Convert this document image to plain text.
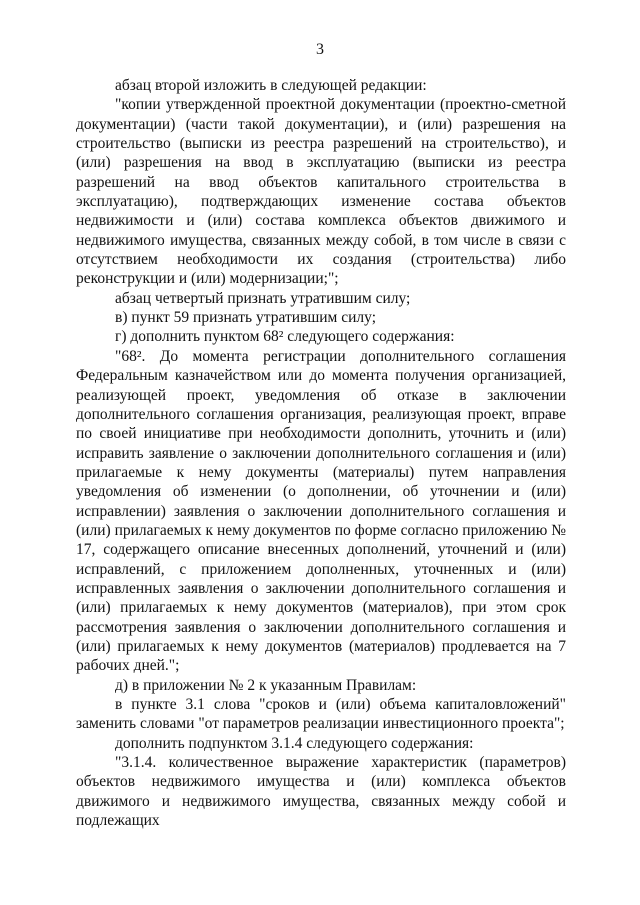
3

абзац второй изложить в следующей редакции:

"копии утвержденной проектной документации (проектно-сметной документации) (части такой документации), и (или) разрешения на строительство (выписки из реестра разрешений на строительство), и (или) разрешения на ввод в эксплуатацию (выписки из реестра разрешений на ввод объектов капитального строительства в эксплуатацию), подтверждающих изменение состава объектов недвижимости и (или) состава комплекса объектов движимого и недвижимого имущества, связанных между собой, в том числе в связи с отсутствием необходимости их создания (строительства) либо реконструкции и (или) модернизации;";

абзац четвертый признать утратившим силу;

в) пункт 59 признать утратившим силу;

г) дополнить пунктом 68² следующего содержания:

"68². До момента регистрации дополнительного соглашения Федеральным казначейством или до момента получения организацией, реализующей проект, уведомления об отказе в заключении дополнительного соглашения организация, реализующая проект, вправе по своей инициативе при необходимости дополнить, уточнить и (или) исправить заявление о заключении дополнительного соглашения и (или) прилагаемые к нему документы (материалы) путем направления уведомления об изменении (о дополнении, об уточнении и (или) исправлении) заявления о заключении дополнительного соглашения и (или) прилагаемых к нему документов по форме согласно приложению № 17, содержащего описание внесенных дополнений, уточнений и (или) исправлений, с приложением дополненных, уточненных и (или) исправленных заявления о заключении дополнительного соглашения и (или) прилагаемых к нему документов (материалов), при этом срок рассмотрения заявления о заключении дополнительного соглашения и (или) прилагаемых к нему документов (материалов) продлевается на 7 рабочих дней.";

д) в приложении № 2 к указанным Правилам:

в пункте 3.1 слова "сроков и (или) объема капиталовложений" заменить словами "от параметров реализации инвестиционного проекта";

дополнить подпунктом 3.1.4 следующего содержания:

"3.1.4. количественное выражение характеристик (параметров) объектов недвижимого имущества и (или) комплекса объектов движимого и недвижимого имущества, связанных между собой и подлежащих
